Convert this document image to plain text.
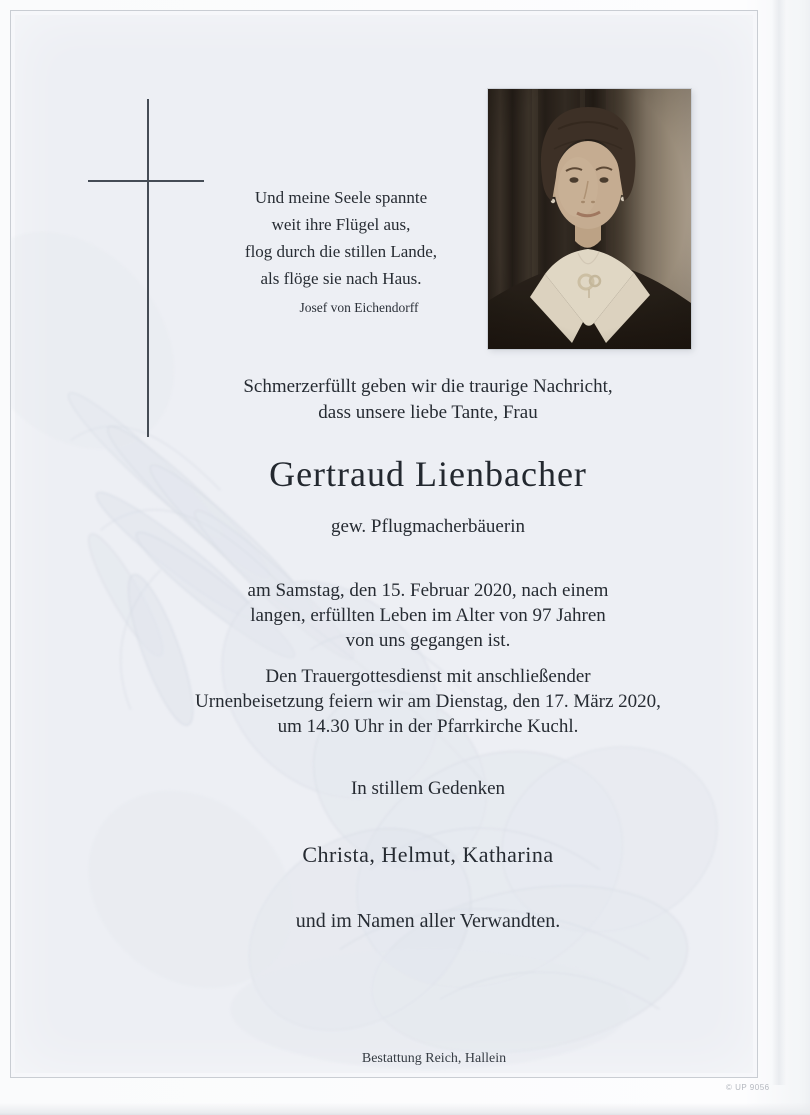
Und meine Seele spannte
weit ihre Flügel aus,
flog durch die stillen Lande,
als flöge sie nach Haus.
Josef von Eichendorff
Schmerzerfüllt geben wir die traurige Nachricht,
dass unsere liebe Tante, Frau
Gertraud Lienbacher
gew. Pflugmacherbäuerin
am Samstag, den 15. Februar 2020, nach einem
langen, erfüllten Leben im Alter von 97 Jahren
von uns gegangen ist.
Den Trauergottesdienst mit anschließender
Urnenbeisetzung feiern wir am Dienstag, den 17. März 2020,
um 14.30 Uhr in der Pfarrkirche Kuchl.
In stillem Gedenken
Christa, Helmut, Katharina
und im Namen aller Verwandten.
Bestattung Reich, Hallein
© UP 9056
